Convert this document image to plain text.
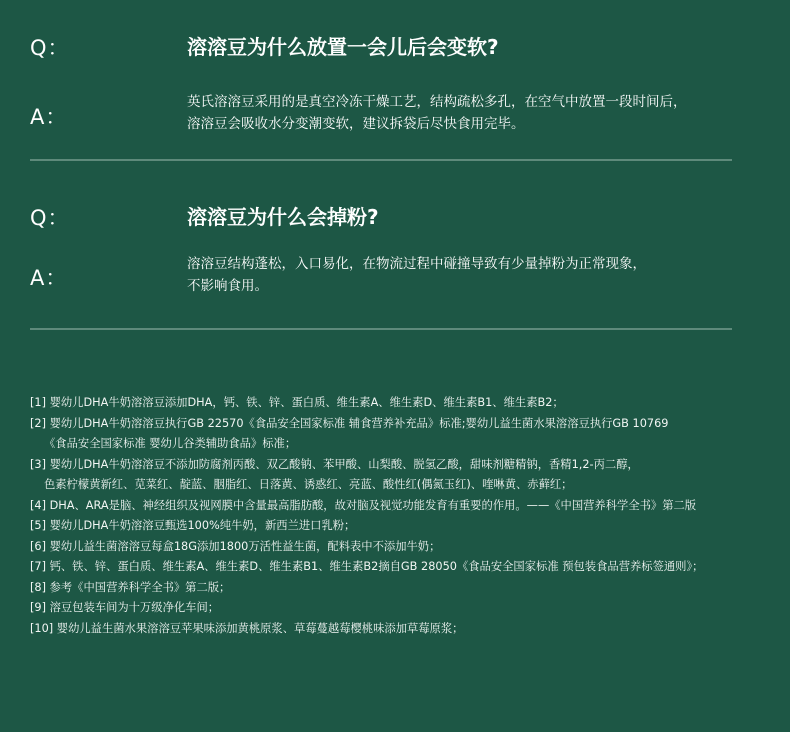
Q：	溶溶豆为什么放置一会儿后会变软?
A：
英氏溶溶豆采用的是真空冷冻干燥工艺，结构疏松多孔，在空气中放置一段时间后，
溶溶豆会吸收水分变潮变软，建议拆袋后尽快食用完毕。
Q：	溶溶豆为什么会掉粉?
A：
溶溶豆结构蓬松，入口易化，在物流过程中碰撞导致有少量掉粉为正常现象，
不影响食用。
[1] 婴幼儿DHA牛奶溶溶豆添加DHA，钙、铁、锌、蛋白质、维生素A、维生素D、维生素B1、维生素B2；
[2] 婴幼儿DHA牛奶溶溶豆执行GB 22570《食品安全国家标准 辅食营养补充品》标准;婴幼儿益生菌水果溶溶豆执行GB 10769
《食品安全国家标准 婴幼儿谷类辅助食品》标准；
[3] 婴幼儿DHA牛奶溶溶豆不添加防腐剂丙酸、双乙酸钠、苯甲酸、山梨酸、脱氢乙酸，甜味剂糖精钠，香精1,2-丙二醇，
色素柠檬黄新红、苋菜红、靛蓝、胭脂红、日落黄、诱惑红、亮蓝、酸性红(偶氮玉红)、喹啉黄、赤藓红；
[4] DHA、ARA是脑、神经组织及视网膜中含量最高脂肪酸，故对脑及视觉功能发育有重要的作用。——《中国营养科学全书》第二版
[5] 婴幼儿DHA牛奶溶溶豆甄选100%纯牛奶，新西兰进口乳粉；
[6] 婴幼儿益生菌溶溶豆每盒18G添加1800万活性益生菌，配料表中不添加牛奶；
[7] 钙、铁、锌、蛋白质、维生素A、维生素D、维生素B1、维生素B2摘自GB 28050《食品安全国家标准 预包装食品营养标签通则》；
[8] 参考《中国营养科学全书》第二版；
[9] 溶豆包装车间为十万级净化车间；
[10] 婴幼儿益生菌水果溶溶豆苹果味添加黄桃原浆、草莓蔓越莓樱桃味添加草莓原浆；
